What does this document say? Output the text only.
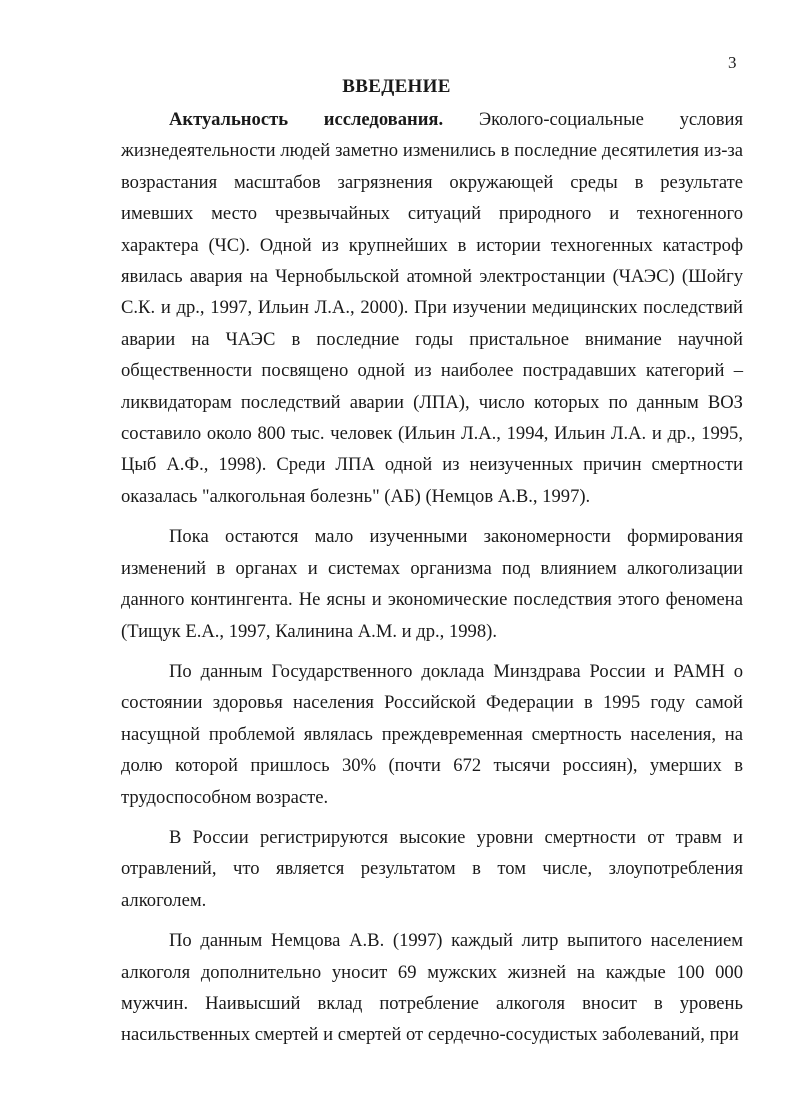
3
ВВЕДЕНИЕ

Актуальность исследования. Эколого-социальные условия жизнедеятельности людей заметно изменились в последние десятилетия из-за возрастания масштабов загрязнения окружающей среды в результате имевших место чрезвычайных ситуаций природного и техногенного характера (ЧС). Одной из крупнейших в истории техногенных катастроф явилась авария на Чернобыльской атомной электростанции (ЧАЭС) (Шойгу С.К. и др., 1997, Ильин Л.А., 2000). При изучении медицинских последствий аварии на ЧАЭС в последние годы пристальное внимание научной общественности посвящено одной из наиболее пострадавших категорий – ликвидаторам последствий аварии (ЛПА), число которых по данным ВОЗ составило около 800 тыс. человек (Ильин Л.А., 1994, Ильин Л.А. и др., 1995, Цыб А.Ф., 1998). Среди ЛПА одной из неизученных причин смертности оказалась "алкогольная болезнь" (АБ) (Немцов А.В., 1997).

Пока остаются мало изученными закономерности формирования изменений в органах и системах организма под влиянием алкоголизации данного контингента. Не ясны и экономические последствия этого феномена (Тищук Е.А., 1997, Калинина А.М. и др., 1998).

По данным Государственного доклада Минздрава России и РАМН о состоянии здоровья населения Российской Федерации в 1995 году самой насущной проблемой являлась преждевременная смертность населения, на долю которой пришлось 30% (почти 672 тысячи россиян), умерших в трудоспособном возрасте.

В России регистрируются высокие уровни смертности от травм и отравлений, что является результатом в том числе, злоупотребления алкоголем.

По данным Немцова А.В. (1997) каждый литр выпитого населением алкоголя дополнительно уносит 69 мужских жизней на каждые 100 000 мужчин. Наивысший вклад потребление алкоголя вносит в уровень насильственных смертей и смертей от сердечно-сосудистых заболеваний, при
